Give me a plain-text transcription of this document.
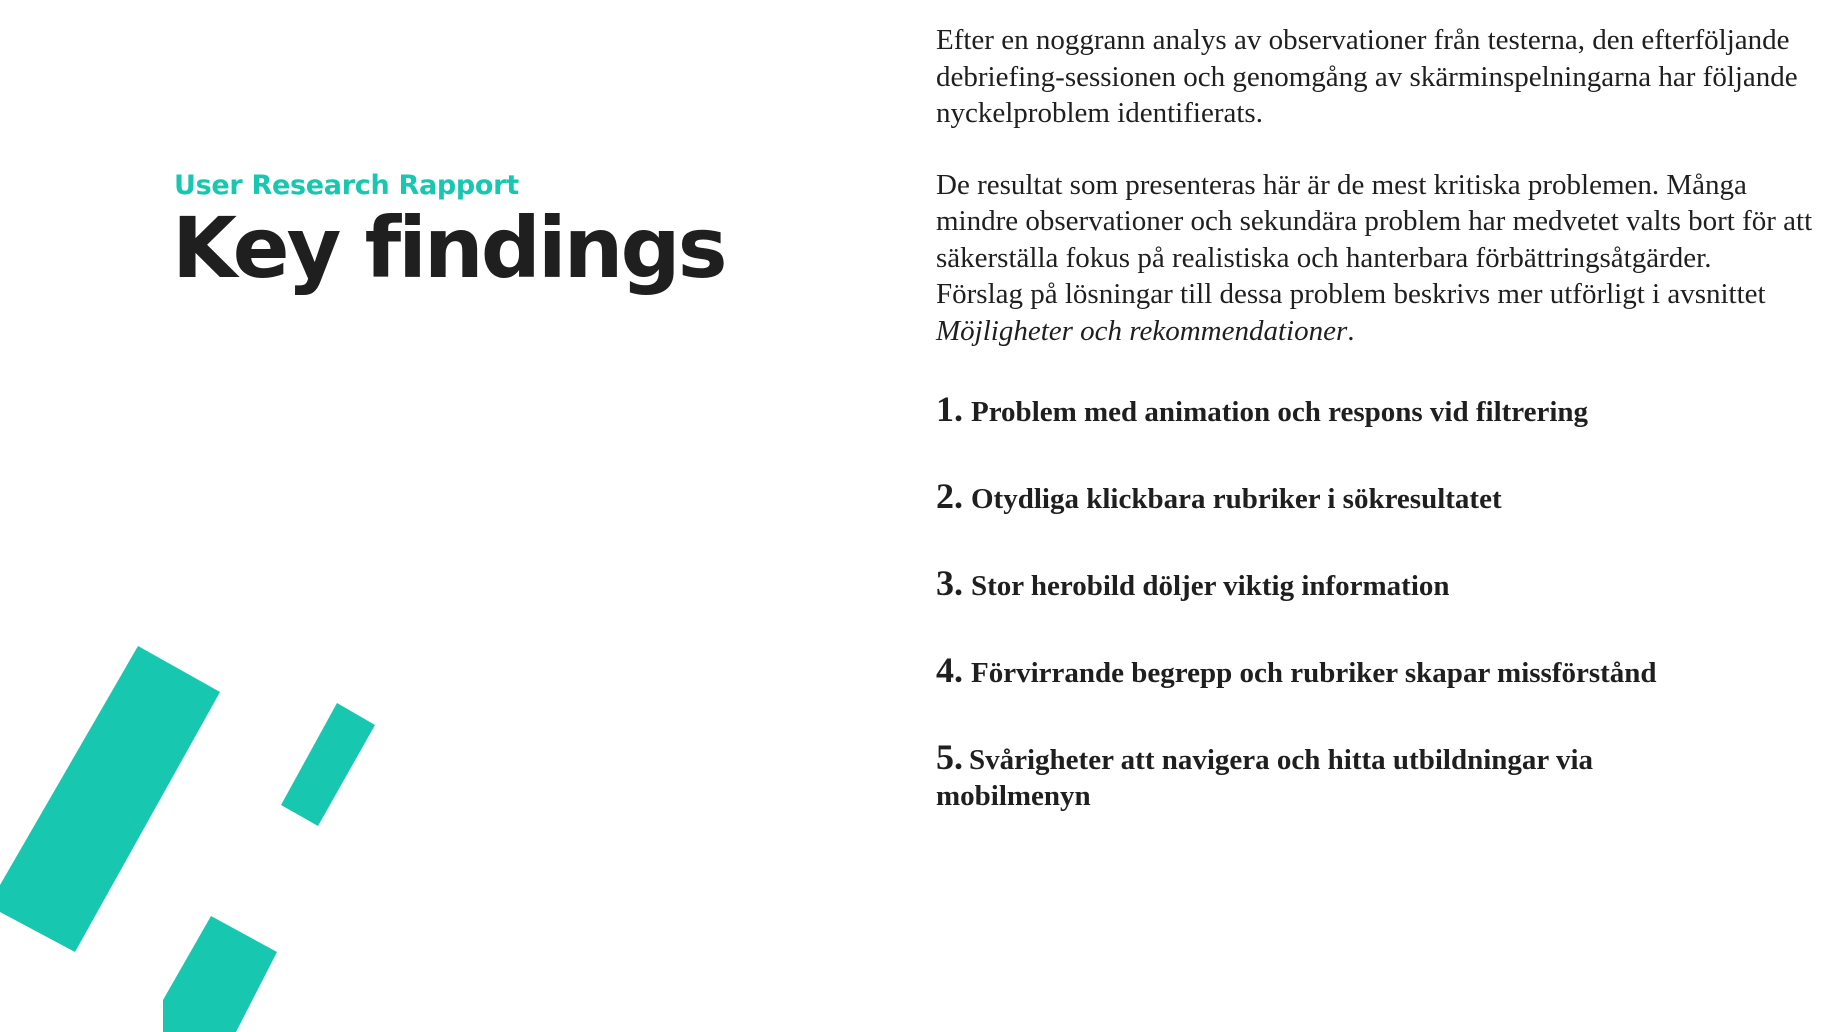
User Research Rapport
Key findings

Efter en noggrann analys av observationer från testerna, den efterföljande debriefing-sessionen och genomgång av skärminspelningarna har följande nyckelproblem identifierats.

De resultat som presenteras här är de mest kritiska problemen. Många mindre observationer och sekundära problem har medvetet valts bort för att säkerställa fokus på realistiska och hanterbara förbättringsåtgärder.

Förslag på lösningar till dessa problem beskrivs mer utförligt i avsnittet Möjligheter och rekommendationer.

1. Problem med animation och respons vid filtrering
2. Otydliga klickbara rubriker i sökresultatet
3. Stor herobild döljer viktig information
4. Förvirrande begrepp och rubriker skapar missförstånd
5. Svårigheter att navigera och hitta utbildningar via mobilmenyn
